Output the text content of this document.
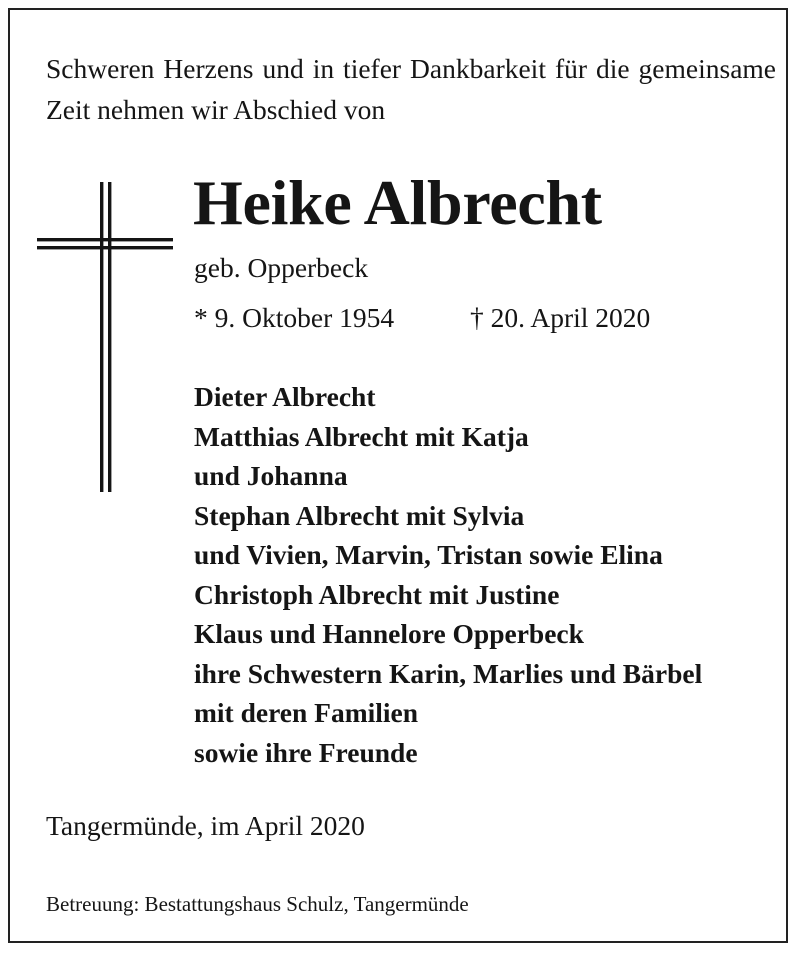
Schweren Herzens und in tiefer Dankbarkeit für die gemeinsame Zeit nehmen wir Abschied von

Heike Albrecht
geb. Opperbeck
* 9. Oktober 1954	† 20. April 2020
Dieter Albrecht
Matthias Albrecht mit Katja
und Johanna
Stephan Albrecht mit Sylvia
und Vivien, Marvin, Tristan sowie Elina
Christoph Albrecht mit Justine
Klaus und Hannelore Opperbeck
ihre Schwestern Karin, Marlies und Bärbel
mit deren Familien
sowie ihre Freunde
Tangermünde, im April 2020
Betreuung: Bestattungshaus Schulz, Tangermünde
